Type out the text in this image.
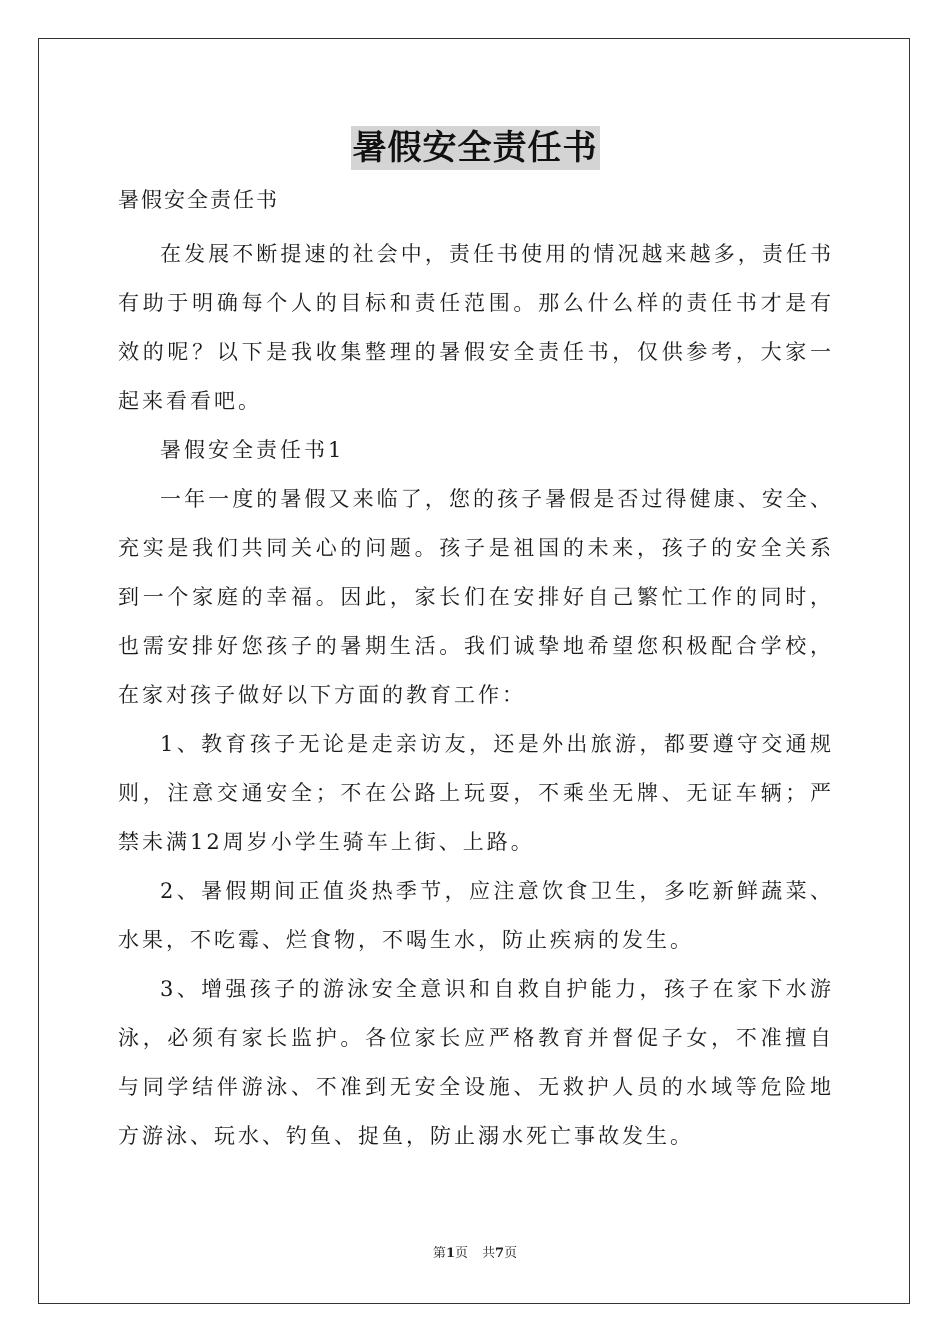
暑假安全责任书
暑假安全责任书

在发展不断提速的社会中，责任书使用的情况越来越多，责任书有助于明确每个人的目标和责任范围。那么什么样的责任书才是有效的呢？以下是我收集整理的暑假安全责任书，仅供参考，大家一起来看看吧。

暑假安全责任书1

一年一度的暑假又来临了，您的孩子暑假是否过得健康、安全、充实是我们共同关心的问题。孩子是祖国的未来，孩子的安全关系到一个家庭的幸福。因此，家长们在安排好自己繁忙工作的同时，也需安排好您孩子的暑期生活。我们诚挚地希望您积极配合学校，在家对孩子做好以下方面的教育工作：

1、教育孩子无论是走亲访友，还是外出旅游，都要遵守交通规则，注意交通安全；不在公路上玩耍，不乘坐无牌、无证车辆；严禁未满12周岁小学生骑车上街、上路。

2、暑假期间正值炎热季节，应注意饮食卫生，多吃新鲜蔬菜、水果，不吃霉、烂食物，不喝生水，防止疾病的发生。

3、增强孩子的游泳安全意识和自救自护能力，孩子在家下水游泳，必须有家长监护。各位家长应严格教育并督促子女，不准擅自与同学结伴游泳、不准到无安全设施、无救护人员的水域等危险地方游泳、玩水、钓鱼、捉鱼，防止溺水死亡事故发生。

第1页 共7页
